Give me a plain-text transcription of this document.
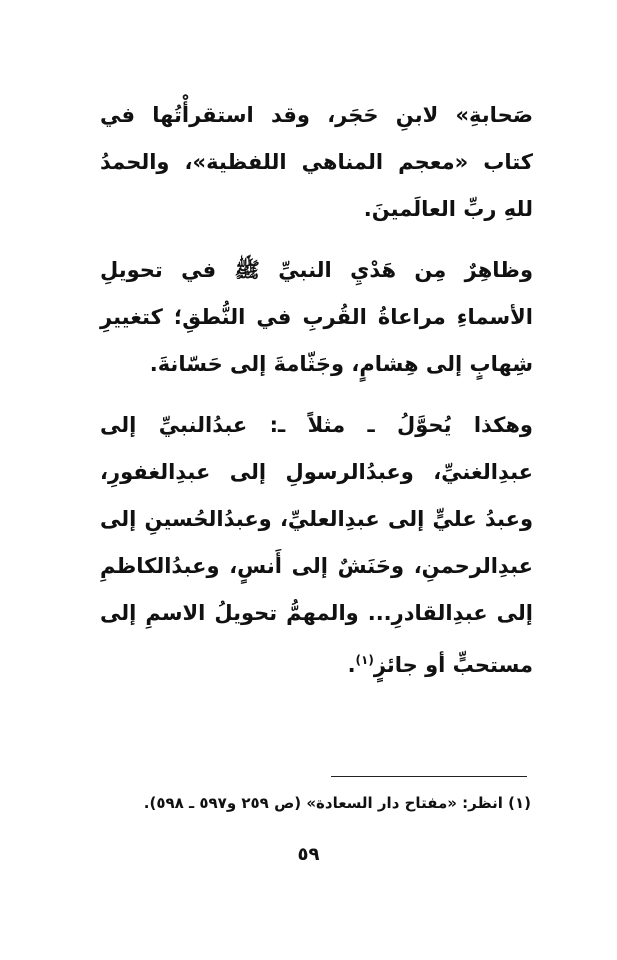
صَحابةِ» لابنِ حَجَر، وقد استقرأْتُها في كتاب «معجم المناهي اللفظية»، والحمدُ للهِ ربِّ العالَمينَ.

وظاهِرٌ مِن هَدْيِ النبيِّ ﷺ في تحويلِ الأسماءِ مراعاةُ القُربِ في النُّطقِ؛ كتغييرِ شِهابٍ إلى هِشامٍ، وجَثّامةَ إلى حَسّانةَ.

وهكذا يُحوَّلُ ـ مثلاً ـ: عبدُالنبيِّ إلى عبدِالغنيِّ، وعبدُالرسولِ إلى عبدِالغفورِ، وعبدُ عليٍّ إلى عبدِالعليِّ، وعبدُالحُسينِ إلى عبدِالرحمنِ، وحَنَشٌ إلى أَنسٍ، وعبدُالكاظمِ إلى عبدِالقادرِ... والمهمُّ تحويلُ الاسمِ إلى مستحبٍّ أو جائزٍ$^{(١)}$.

(١) انظر: «مفتاح دار السعادة» (ص ٢٥٩ و٥٩٧ ـ ٥٩٨).
٥٩
